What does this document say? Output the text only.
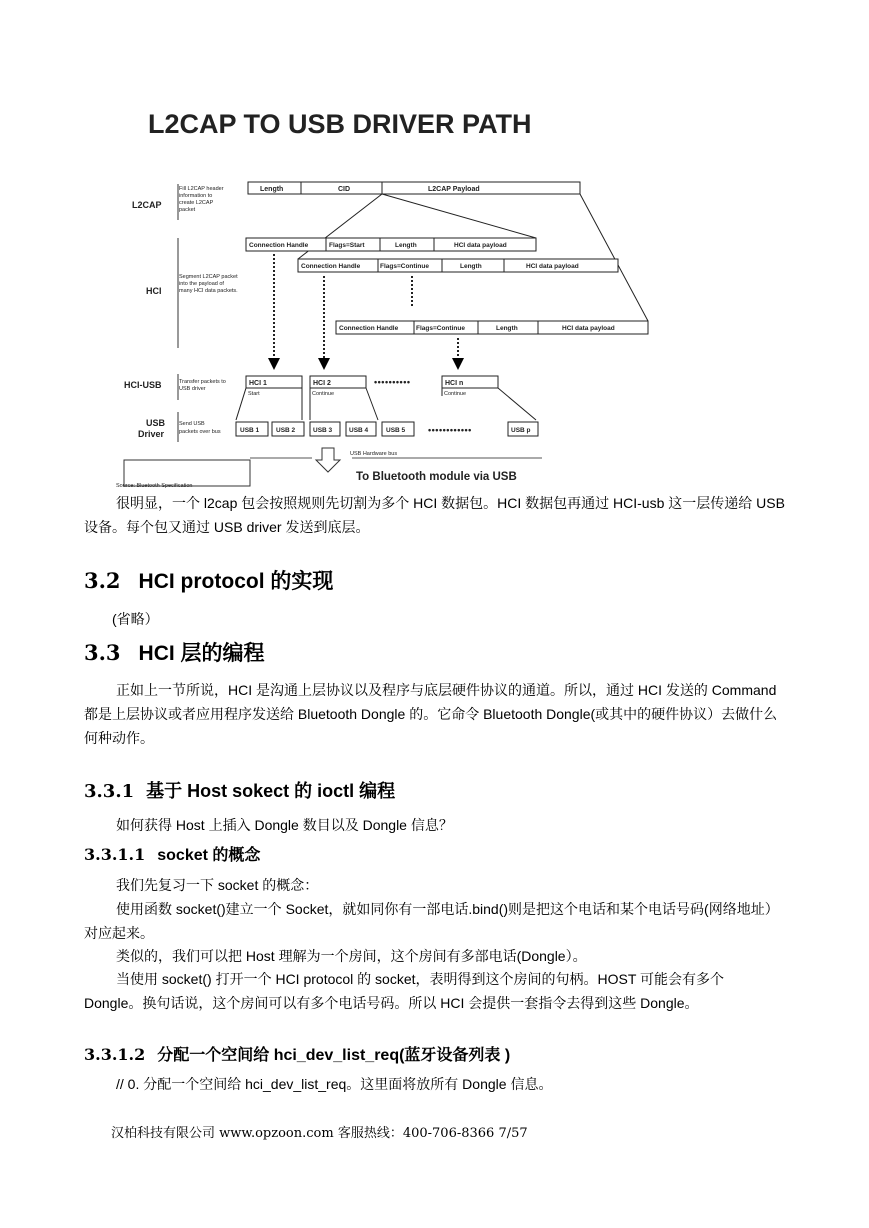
L2CAP TO USB DRIVER PATH
L2CAP
HCI
HCI-USB
USB
Driver
Fill L2CAP header
information to
create L2CAP
packet
Segment L2CAP packet
into the payload of
many HCI data packets.
Transfer packets to
USB driver
Send USB
packets over bus
Length	CID	L2CAP Payload
Connection Handle	Flags=Start	Length	HCI data payload
Connection Handle	Flags=Continue	Length	HCI data payload
Connection Handle	Flags=Continue	Length	HCI data payload
HCI 1	HCI 2	HCI n
Start	Continue	Continue
••••••••••
USB 1	USB 2	USB 3	USB 4	USB 5	USB p
••••••••••••
USB Hardware bus
To Bluetooth module via USB
Source: Bluetooth Specification

很明显，一个 l2cap 包会按照规则先切割为多个 HCI 数据包。HCI 数据包再通过 HCI-usb 这一层传递给 USB 设备。每个包又通过 USB driver 发送到底层。

3.2 HCI protocol 的实现

(省略）

3.3 HCI 层的编程

正如上一节所说，HCI 是沟通上层协议以及程序与底层硬件协议的通道。所以，通过 HCI 发送的 Command 都是上层协议或者应用程序发送给 Bluetooth Dongle 的。它命令 Bluetooth Dongle(或其中的硬件协议）去做什么何种动作。

3.3.1 基于 Host sokect 的 ioctl 编程

如何获得 Host 上插入 Dongle 数目以及 Dongle 信息？

3.3.1.1 socket 的概念

我们先复习一下 socket 的概念：

使用函数 socket()建立一个 Socket，就如同你有一部电话.bind()则是把这个电话和某个电话号码(网络地址）对应起来。

类似的，我们可以把 Host 理解为一个房间，这个房间有多部电话(Dongle）。

当使用 socket() 打开一个 HCI protocol 的 socket，表明得到这个房间的句柄。HOST 可能会有多个 Dongle。换句话说，这个房间可以有多个电话号码。所以 HCI 会提供一套指令去得到这些 Dongle。

3.3.1.2 分配一个空间给 hci_dev_list_req(蓝牙设备列表 )

// 0. 分配一个空间给 hci_dev_list_req。这里面将放所有 Dongle 信息。

汉柏科技有限公司 www.opzoon.com 客服热线：400-706-8366 7/57
